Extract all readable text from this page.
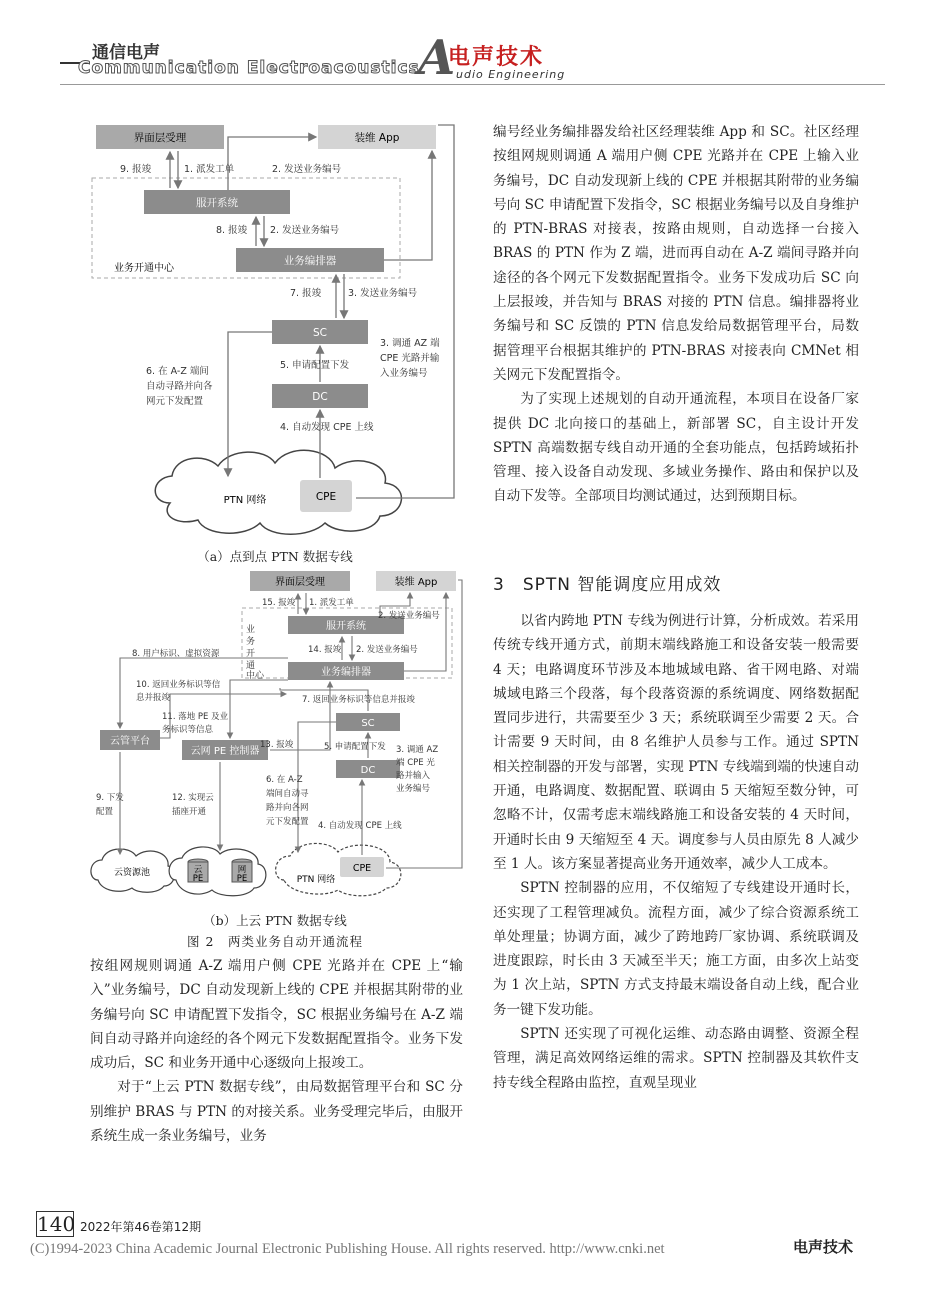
通信电声
Communication Electroacoustics
A
电声技术
udio Engineering
业务开通中心
界面层受理	装维 App
服开系统
业务编排器
SC
DC
PTN 网络	CPE
9. 报竣	1. 派发工单	2. 发送业务编号
8. 报竣 2. 发送业务编号
7. 报竣	3. 发送业务编号
3. 调通 AZ 端
CPE 光路并输
入业务编号
5. 申请配置下发
6. 在 A-Z 端间
自动寻路并向各
网元下发配置
4. 自动发现 CPE 上线
（a）点到点 PTN 数据专线
业
务
开
通
中心
界面层受理	装维 App
服开系统
业务编排器
SC
DC
云管平台
云网 PE 控制器
云资源池	云
PE
网
PE	PTN 网络
CPE
15. 报竣 1. 派发工单
2. 发送业务编号
8. 用户标识、虚拟资源	14. 报竣 2. 发送业务编号
10. 返回业务标识等信
息并报竣	7. 返回业务标识等信息并报竣
11. 落地 PE 及业
务标识等信息
13. 报竣	5. 申请配置下发 3. 调通 AZ
端 CPE 光
路并输入
业务编号
9. 下发
配置
12. 实现云
插座开通
6. 在 A-Z
端间自动寻
路并向各网
元下发配置 4. 自动发现 CPE 上线
（b）上云 PTN 数据专线
图 2　两类业务自动开通流程

按组网规则调通 A-Z 端用户侧 CPE 光路并在 CPE 上“输入”业务编号，DC 自动发现新上线的 CPE 并根据其附带的业务编号向 SC 申请配置下发指令，SC 根据业务编号在 A-Z 端间自动寻路并向途经的各个网元下发数据配置指令。业务下发成功后，SC 和业务开通中心逐级向上报竣工。

对于“上云 PTN 数据专线”，由局数据管理平台和 SC 分别维护 BRAS 与 PTN 的对接关系。业务受理完毕后，由服开系统生成一条业务编号，业务

编号经业务编排器发给社区经理装维 App 和 SC。社区经理按组网规则调通 A 端用户侧 CPE 光路并在 CPE 上输入业务编号，DC 自动发现新上线的 CPE 并根据其附带的业务编号向 SC 申请配置下发指令，SC 根据业务编号以及自身维护的 PTN-BRAS 对接表，按路由规则，自动选择一台接入 BRAS 的 PTN 作为 Z 端，进而再自动在 A-Z 端间寻路并向途径的各个网元下发数据配置指令。业务下发成功后 SC 向上层报竣，并告知与 BRAS 对接的 PTN 信息。编排器将业务编号和 SC 反馈的 PTN 信息发给局数据管理平台，局数据管理平台根据其维护的 PTN-BRAS 对接表向 CMNet 相关网元下发配置指令。

为了实现上述规划的自动开通流程，本项目在设备厂家提供 DC 北向接口的基础上，新部署 SC，自主设计开发 SPTN 高端数据专线自动开通的全套功能点，包括跨域拓扑管理、接入设备自动发现、多域业务操作、路由和保护以及自动下发等。全部项目均测试通过，达到预期目标。

3　SPTN 智能调度应用成效

以省内跨地 PTN 专线为例进行计算，分析成效。若采用传统专线开通方式，前期末端线路施工和设备安装一般需要 4 天；电路调度环节涉及本地城域电路、省干网电路、对端城域电路三个段落，每个段落资源的系统调度、网络数据配置同步进行，共需要至少 3 天；系统联调至少需要 2 天。合计需要 9 天时间，由 8 名维护人员参与工作。通过 SPTN 相关控制器的开发与部署，实现 PTN 专线端到端的快速自动开通，电路调度、数据配置、联调由 5 天缩短至数分钟，可忽略不计，仅需考虑末端线路施工和设备安装的 4 天时间，开通时长由 9 天缩短至 4 天。调度参与人员由原先 8 人减少至 1 人。该方案显著提高业务开通效率，减少人工成本。

SPTN 控制器的应用，不仅缩短了专线建设开通时长，还实现了工程管理减负。流程方面，减少了综合资源系统工单处理量；协调方面，减少了跨地跨厂家协调、系统联调及进度跟踪，时长由 3 天减至半天；施工方面，由多次上站变为 1 次上站，SPTN 方式支持最末端设备自动上线，配合业务一键下发功能。

SPTN 还实现了可视化运维、动态路由调整、资源全程管理，满足高效网络运维的需求。SPTN 控制器及其软件支持专线全程路由监控，直观呈现业

140 2022年第46卷第12期
(C)1994-2023 China Academic Journal Electronic Publishing House. All rights reserved. http://www.cnki.net	电声技术
